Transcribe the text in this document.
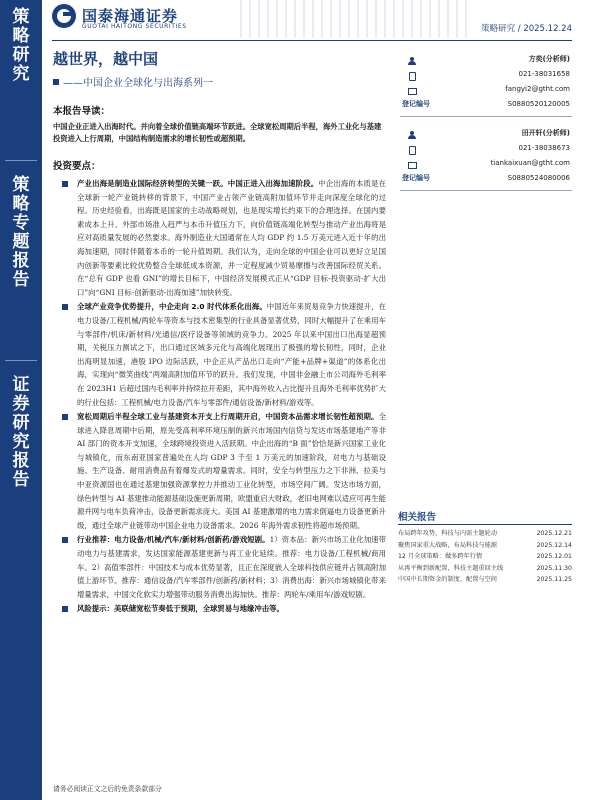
策
略
研
究
策
略
专
题
报
告
证
券
研
究
报
告
国泰海通证券
GUOTAI HAITONG SECURITIES	策略研究 / 2025.12.24
越世界，越中国
——中国企业全球化与出海系列一
本报告导读：
中国企业正进入出海时代。并向着全球价值链高端环节跃进。全球宽松周期后半程，海外工业化与基建投资进入上行周期，中国结构制造需求的增长韧性或超预期。
投资要点：
产业出海是制造业国际经济转型的关键一跃。中国正进入出海加速阶段。中企出海的本质是在全球新一轮产业链转移的背景下，中国产业占领产业链高附加值环节并走向深度全球化的过程。历史经验看，出海既是国家的主动战略规划，也是现实增长约束下的合理选择。在国内要素成本上升、外部市场准入趋严与本币升值压力下，向价值链高端化转型与推动产业出海将是应对高质量发展的必然要求。海外制造业大国通常在人均 GDP 约 1.5 万美元进入近十年的出海加速期，同时伴随着本币的一轮升值周期。我们认为，走向全球的中国企业可以更好立足国内创新等要素比较优势整合全球低成本资源，并一定程度减少贸易摩擦与改善国际经贸关系。在“总有 GDP 也看 GNI”的增长目标下，中国经济发展模式正从“GDP 目标-投资驱动-扩大出口”向“GNI 目标-创新驱动-出海加速”加快转变。
全球产业竞争优势提升，中企走向 2.0 时代体系化出海。中国近年来贸易竞争力快速提升，在电力设备/工程机械/两轮车等资本与技术密集型的行业具备显著优势，同时大幅提升了在乘用车与零部件/机床/新材料/光通信/医疗设备等领域的竞争力。2025 年以来中国出口出海显超预期，关税压力测试之下，出口通过区域多元化与高端化展现出了极强的增长韧性，同时，企业出海明显加速，港股 IPO 边际活跃，中企正从产品出口走向“产能+品牌+渠道”的体系化出海，实现向“微笑曲线”两端高附加值环节的跃升。我们发现，中国非金融上市公司海外毛利率在 2023H1 后超过国内毛利率并持续拉开差距，其中海外收入占比提升且海外毛利率优势扩大的行业包括：工程机械/电力设备/汽车与零部件/通信设备/新材料/游戏等。
宽松周期后半程全球工业与基建资本开支上行周期开启，中国资本品需求增长韧性超预期。全球进入降息周期中后期，原先受高利率环境压制的新兴市场国内信贷与发达市场基建地产等非 AI 部门的资本开支加速，全球跨境投资进入活跃期。中企出海的“B 面”恰恰是新兴国家工业化与城镇化，而东南亚国家普遍处在人均 GDP 3 千至 1 万美元的加速阶段，对电力与基础设施、生产设备、耐用消费品有着爆发式的增量需求。同时，安全与转型压力之下非洲、拉美与中亚资源国也在通过基建加强资源掌控力并推动工业化转型，市场空间广阔。发达市场方面，绿色转型与 AI 基建推动能源基础设施更新周期，欧盟重启大财政，老旧电网难以适应可再生能源并网与电车负荷冲击，设备更新需求庞大。美国 AI 基建激增的电力需求倒逼电力设备更新升级，通过全球产业链带动中国企业电力设备需求。2026 年海外需求韧性将超市场预期。
行业推荐：电力设备/机械/汽车/新材料/创新药/游戏短剧。1）资本品：新兴市场工业化加速带动电力与基建需求，发达国家能源基建更新与再工业化延续。推荐：电力设备/工程机械/商用车。2）高值零部件：中国技术与成本优势显著，且正在深度嵌入全球科技供应链并占领高附加值上游环节。推荐：通信设备/汽车零部件/创新药/新材料；3）消费出海：新兴市场城镇化带来增量需求，中国文化软实力增强带动服务消费出海加快。推荐：两轮车/乘用车/游戏短剧。
风险提示：美联储宽松节奏低于预期，全球贸易与地缘冲击等。
方奕(分析师)
021-38031658
fangyi2@gtht.com
登记编号	S0880520120005
田开轩(分析师)
021-38038673
tiankaixuan@gtht.com
登记编号	S0880524080006
相关报告
布局跨年攻势，科技与内需主题轮动	2025.12.21
聚焦国家重大战略，布局科技与能源	2025.12.14
12 月全球策略：做多跨年行情	2025.12.01
从再平衡到新配置，科技主题重回主线	2025.11.30
中国中长期资金的制度、配置与空间	2025.11.25
请务必阅读正文之后的免责条款部分
